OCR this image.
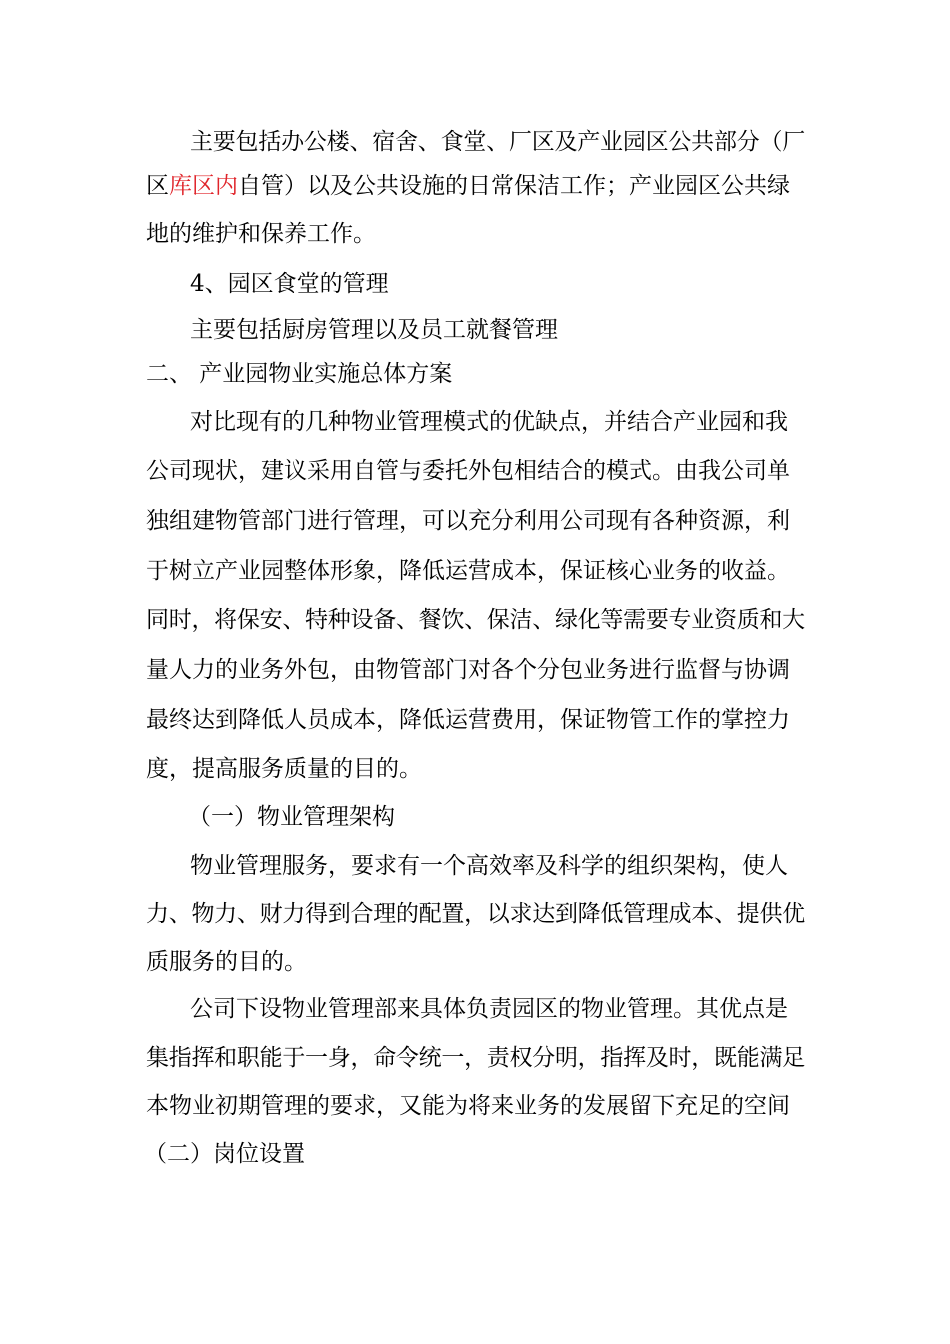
主要包括办公楼、宿舍、食堂、厂区及产业园区公共部分（厂
区库区内自管）以及公共设施的日常保洁工作；产业园区公共绿
地的维护和保养工作。
4、园区食堂的管理
主要包括厨房管理以及员工就餐管理
二、 产业园物业实施总体方案
对比现有的几种物业管理模式的优缺点，并结合产业园和我
公司现状，建议采用自管与委托外包相结合的模式。由我公司单
独组建物管部门进行管理，可以充分利用公司现有各种资源，利
于树立产业园整体形象，降低运营成本，保证核心业务的收益。
同时，将保安、特种设备、餐饮、保洁、绿化等需要专业资质和大
量人力的业务外包，由物管部门对各个分包业务进行监督与协调
最终达到降低人员成本，降低运营费用，保证物管工作的掌控力
度，提高服务质量的目的。
（一）物业管理架构
物业管理服务，要求有一个高效率及科学的组织架构，使人
力、物力、财力得到合理的配置，以求达到降低管理成本、提供优
质服务的目的。
公司下设物业管理部来具体负责园区的物业管理。其优点是
集指挥和职能于一身，命令统一，责权分明，指挥及时，既能满足
本物业初期管理的要求，又能为将来业务的发展留下充足的空间
（二）岗位设置
